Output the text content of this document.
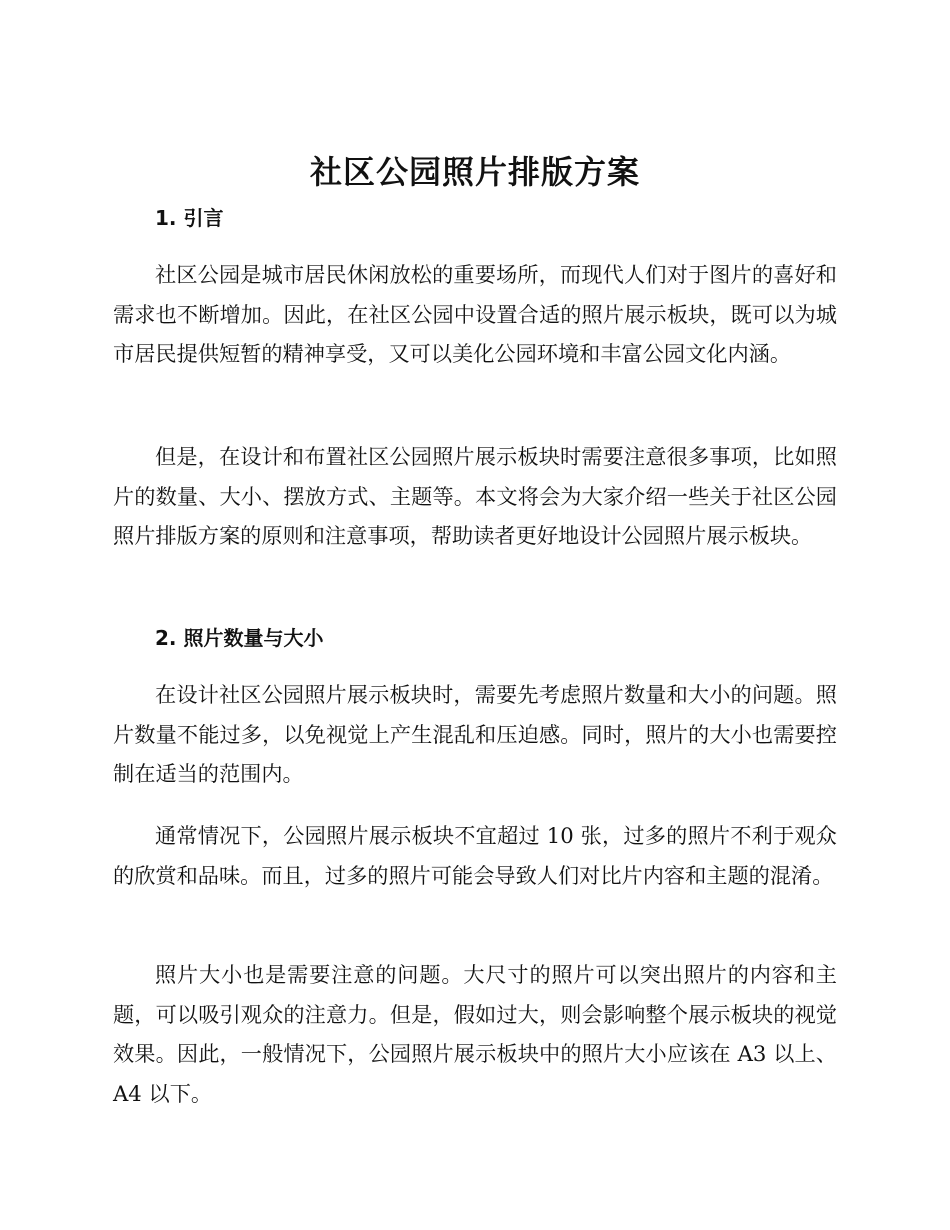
社区公园照片排版方案
1. 引言

社区公园是城市居民休闲放松的重要场所，而现代人们对于图片的喜好和需求也不断增加。因此，在社区公园中设置合适的照片展示板块，既可以为城市居民提供短暂的精神享受，又可以美化公园环境和丰富公园文化内涵。

但是，在设计和布置社区公园照片展示板块时需要注意很多事项，比如照片的数量、大小、摆放方式、主题等。本文将会为大家介绍一些关于社区公园照片排版方案的原则和注意事项，帮助读者更好地设计公园照片展示板块。

2. 照片数量与大小

在设计社区公园照片展示板块时，需要先考虑照片数量和大小的问题。照片数量不能过多，以免视觉上产生混乱和压迫感。同时，照片的大小也需要控制在适当的范围内。

通常情况下，公园照片展示板块不宜超过 10 张，过多的照片不利于观众的欣赏和品味。而且，过多的照片可能会导致人们对比片内容和主题的混淆。

照片大小也是需要注意的问题。大尺寸的照片可以突出照片的内容和主题，可以吸引观众的注意力。但是，假如过大，则会影响整个展示板块的视觉效果。因此，一般情况下，公园照片展示板块中的照片大小应该在 A3 以上、A4 以下。
